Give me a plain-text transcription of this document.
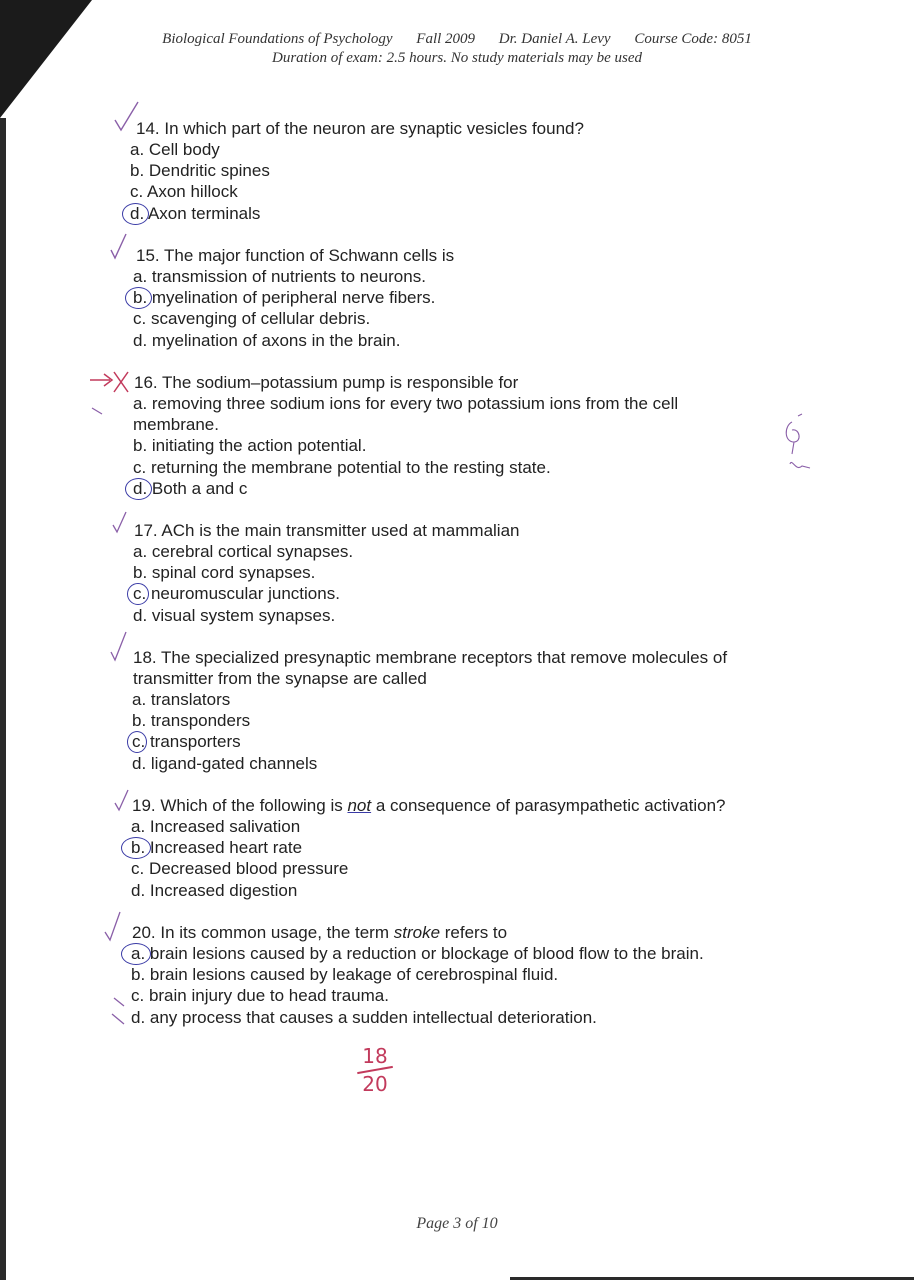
Biological Foundations of Psychology Fall 2009 Dr. Daniel A. Levy Course Code: 8051
Duration of exam: 2.5 hours. No study materials may be used
14. In which part of the neuron are synaptic vesicles found?
a. Cell body
b. Dendritic spines
c. Axon hillock
d. Axon terminals
15. The major function of Schwann cells is
a. transmission of nutrients to neurons.
b. myelination of peripheral nerve fibers.
c. scavenging of cellular debris.
d. myelination of axons in the brain.
16. The sodium–potassium pump is responsible for
a. removing three sodium ions for every two potassium ions from the cell membrane.
b. initiating the action potential.
c. returning the membrane potential to the resting state.
d. Both a and c
17. ACh is the main transmitter used at mammalian
a. cerebral cortical synapses.
b. spinal cord synapses.
c. neuromuscular junctions.
d. visual system synapses.
18. The specialized presynaptic membrane receptors that remove molecules of transmitter from the synapse are called
a. translators
b. transponders
c. transporters
d. ligand-gated channels
19. Which of the following is not a consequence of parasympathetic activation?
a. Increased salivation
b. Increased heart rate
c. Decreased blood pressure
d. Increased digestion
20. In its common usage, the term stroke refers to
a. brain lesions caused by a reduction or blockage of blood flow to the brain.
b. brain lesions caused by leakage of cerebrospinal fluid.
c. brain injury due to head trauma.
d. any process that causes a sudden intellectual deterioration.
18
20
Page 3 of 10
